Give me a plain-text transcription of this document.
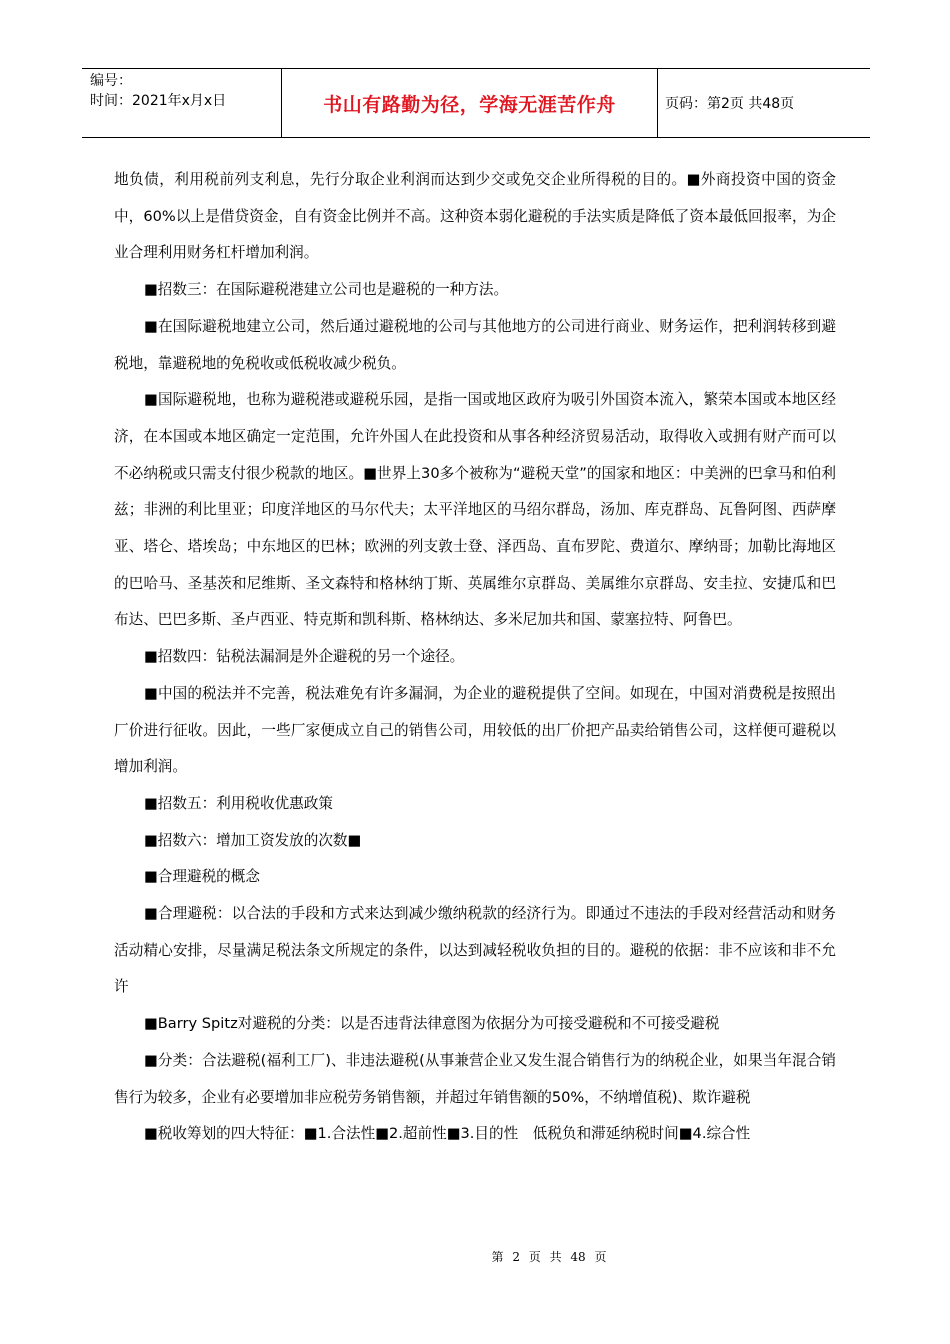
编号：
时间：2021年x月x日	书山有路勤为径，学海无涯苦作舟	页码：第2页 共48页

地负债，利用税前列支利息，先行分取企业利润而达到少交或免交企业所得税的目的。■外商投资中国的资金中，60%以上是借贷资金，自有资金比例并不高。这种资本弱化避税的手法实质是降低了资本最低回报率，为企业合理利用财务杠杆增加利润。

■招数三：在国际避税港建立公司也是避税的一种方法。

■在国际避税地建立公司，然后通过避税地的公司与其他地方的公司进行商业、财务运作，把利润转移到避税地，靠避税地的免税收或低税收减少税负。

■国际避税地，也称为避税港或避税乐园，是指一国或地区政府为吸引外国资本流入，繁荣本国或本地区经济，在本国或本地区确定一定范围，允许外国人在此投资和从事各种经济贸易活动，取得收入或拥有财产而可以不必纳税或只需支付很少税款的地区。■世界上30多个被称为“避税天堂”的国家和地区：中美洲的巴拿马和伯利兹；非洲的利比里亚；印度洋地区的马尔代夫；太平洋地区的马绍尔群岛，汤加、库克群岛、瓦鲁阿图、西萨摩亚、塔仑、塔埃岛；中东地区的巴林；欧洲的列支敦士登、泽西岛、直布罗陀、费道尔、摩纳哥；加勒比海地区的巴哈马、圣基茨和尼维斯、圣文森特和格林纳丁斯、英属维尔京群岛、美属维尔京群岛、安圭拉、安捷瓜和巴布达、巴巴多斯、圣卢西亚、特克斯和凯科斯、格林纳达、多米尼加共和国、蒙塞拉特、阿鲁巴。

■招数四：钻税法漏洞是外企避税的另一个途径。

■中国的税法并不完善，税法难免有许多漏洞，为企业的避税提供了空间。如现在，中国对消费税是按照出厂价进行征收。因此，一些厂家便成立自己的销售公司，用较低的出厂价把产品卖给销售公司，这样便可避税以增加利润。

■招数五：利用税收优惠政策

■招数六：增加工资发放的次数■

■合理避税的概念

■合理避税：以合法的手段和方式来达到减少缴纳税款的经济行为。即通过不违法的手段对经营活动和财务活动精心安排，尽量满足税法条文所规定的条件，以达到减轻税收负担的目的。避税的依据：非不应该和非不允许

■Barry Spitz对避税的分类：以是否违背法律意图为依据分为可接受避税和不可接受避税

■分类：合法避税(福利工厂)、非违法避税(从事兼营企业又发生混合销售行为的纳税企业，如果当年混合销售行为较多，企业有必要增加非应税劳务销售额，并超过年销售额的50%，不纳增值税)、欺诈避税

■税收筹划的四大特征：■1.合法性■2.超前性■3.目的性　低税负和滞延纳税时间■4.综合性

第 2 页 共 48 页
